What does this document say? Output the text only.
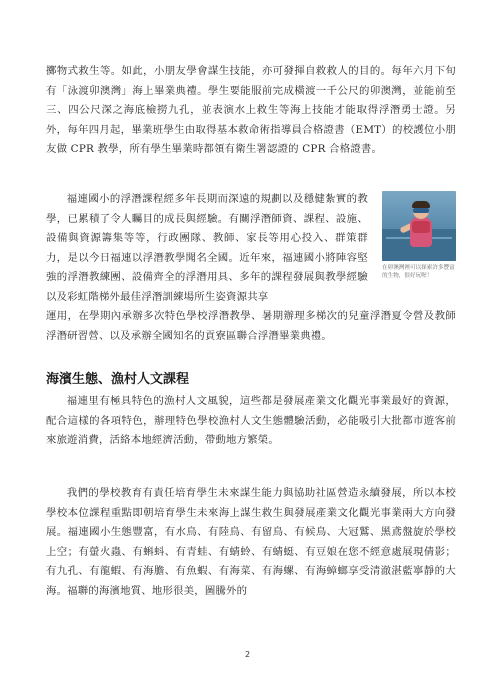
擲物式救生等。如此，小朋友學會謀生技能，亦可發揮自救救人的目的。每年六月下旬有「泳渡卯澳灣」海上畢業典禮。學生要能服前完成橫渡一千公尺的卯澳灣，並能前至三、四公尺深之海底檢撈九孔，並表演水上救生等海上技能才能取得浮潛勇士證。另外，每年四月起，畢業班學生由取得基本救命術指導員合格證書（EMT）的校護位小朋友做 CPR 教學，所有學生畢業時都領有衛生署認證的 CPR 合格證書。

福連國小的浮潛課程經多年長期而深遠的規劃以及穩健紮實的教學，已累積了令人矚目的成長與經驗。有關浮潛師資、課程、設施、設備與資源籌集等等，行政團隊、教師、家長等用心投入、群策群力，是以今日福連以浮潛教學聞名全國。近年來，福連國小將陣容堅強的浮潛教練團、設備齊全的浮潛用具、多年的課程發展與教學經驗以及彩虹階梯外最佳浮潛訓練場所生姿資源共享

在卯澳灣裡可以探索許多豐富的生物，很好玩喔！

運用，在學期內承辦多次特色學校浮潛教學、暑期辦理多梯次的兒童浮潛夏令營及教師浮潛研習營、以及承辦全國知名的貢寮區聯合浮潛畢業典禮。

海濱生態、漁村人文課程

福連里有極具特色的漁村人文風貌，這些都是發展產業文化觀光事業最好的資源，配合這樣的各項特色，辦理特色學校漁村人文生態體驗活動，必能吸引大批都市遊客前來旅遊消費，活絡本地經濟活動，帶動地方繁榮。

我們的學校教育有責任培育學生未來謀生能力與協助社區營造永續發展，所以本校學校本位課程重點即朝培育學生未來海上謀生救生與發展產業文化觀光事業兩大方向發展。福連國小生態豐富，有水鳥、有陸鳥、有留鳥、有候鳥、大冠鷲、黑鳶盤旋於學校上空；有螢火蟲、有蝌蚪、有青蛙、有蜻蛉、有蜻蜓、有豆娘在您不經意處展現倩影；有九孔、有龍蝦、有海膽、有魚蝦、有海菜、有海螺、有海蟑螂享受清澈湛藍寧靜的大海。福聯的海濱地質、地形很美，圖騰外的

2
